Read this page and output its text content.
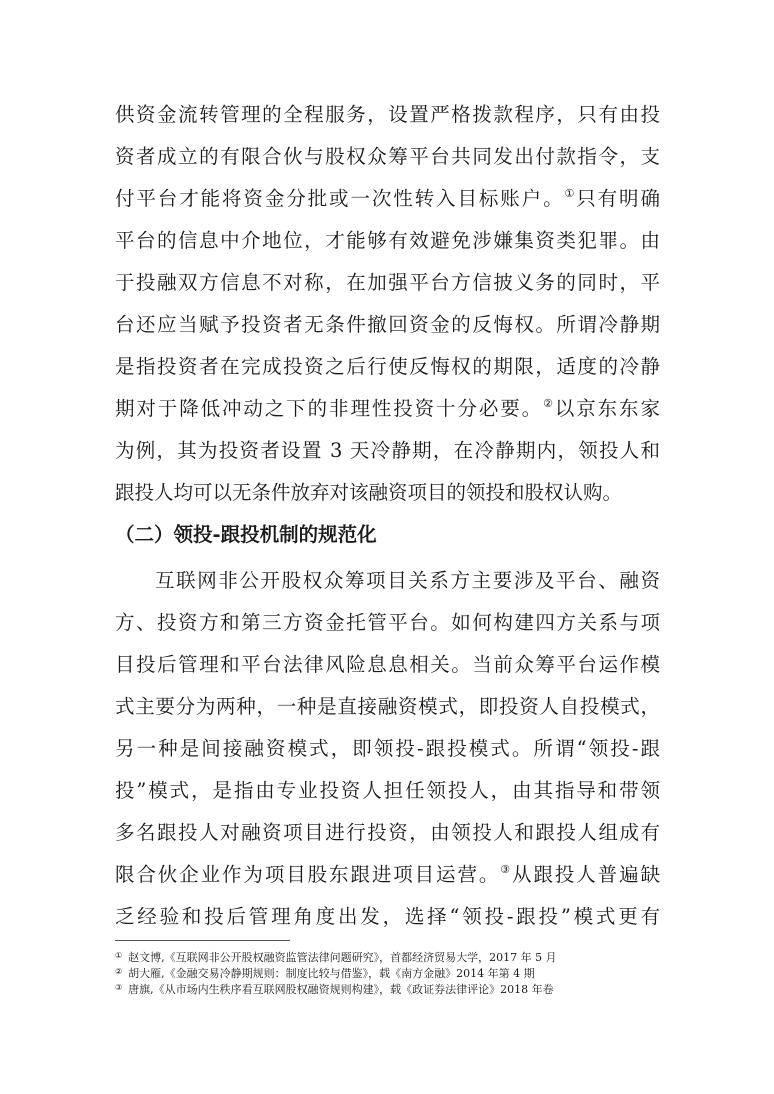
供资金流转管理的全程服务，设置严格拨款程序，只有由投
资者成立的有限合伙与股权众筹平台共同发出付款指令，支
付平台才能将资金分批或一次性转入目标账户。①只有明确
平台的信息中介地位，才能够有效避免涉嫌集资类犯罪。由
于投融双方信息不对称，在加强平台方信披义务的同时，平
台还应当赋予投资者无条件撤回资金的反悔权。所谓冷静期
是指投资者在完成投资之后行使反悔权的期限，适度的冷静
期对于降低冲动之下的非理性投资十分必要。②以京东东家
为例，其为投资者设置 3 天冷静期，在冷静期内，领投人和
跟投人均可以无条件放弃对该融资项目的领投和股权认购。
（二）领投-跟投机制的规范化
互联网非公开股权众筹项目关系方主要涉及平台、融资
方、投资方和第三方资金托管平台。如何构建四方关系与项
目投后管理和平台法律风险息息相关。当前众筹平台运作模
式主要分为两种，一种是直接融资模式，即投资人自投模式，
另一种是间接融资模式，即领投-跟投模式。所谓“领投-跟
投”模式，是指由专业投资人担任领投人，由其指导和带领
多名跟投人对融资项目进行投资，由领投人和跟投人组成有
限合伙企业作为项目股东跟进项目运营。③从跟投人普遍缺
乏经验和投后管理角度出发，选择“领投-跟投”模式更有
① 赵文博,《互联网非公开股权融资监管法律问题研究》，首都经济贸易大学，2017 年 5 月
② 胡大雁,《金融交易冷静期规则：制度比较与借鉴》，载《南方金融》2014 年第 4 期
③ 唐旗,《从市场内生秩序看互联网股权融资规则构建》，载《政证券法律评论》2018 年卷
